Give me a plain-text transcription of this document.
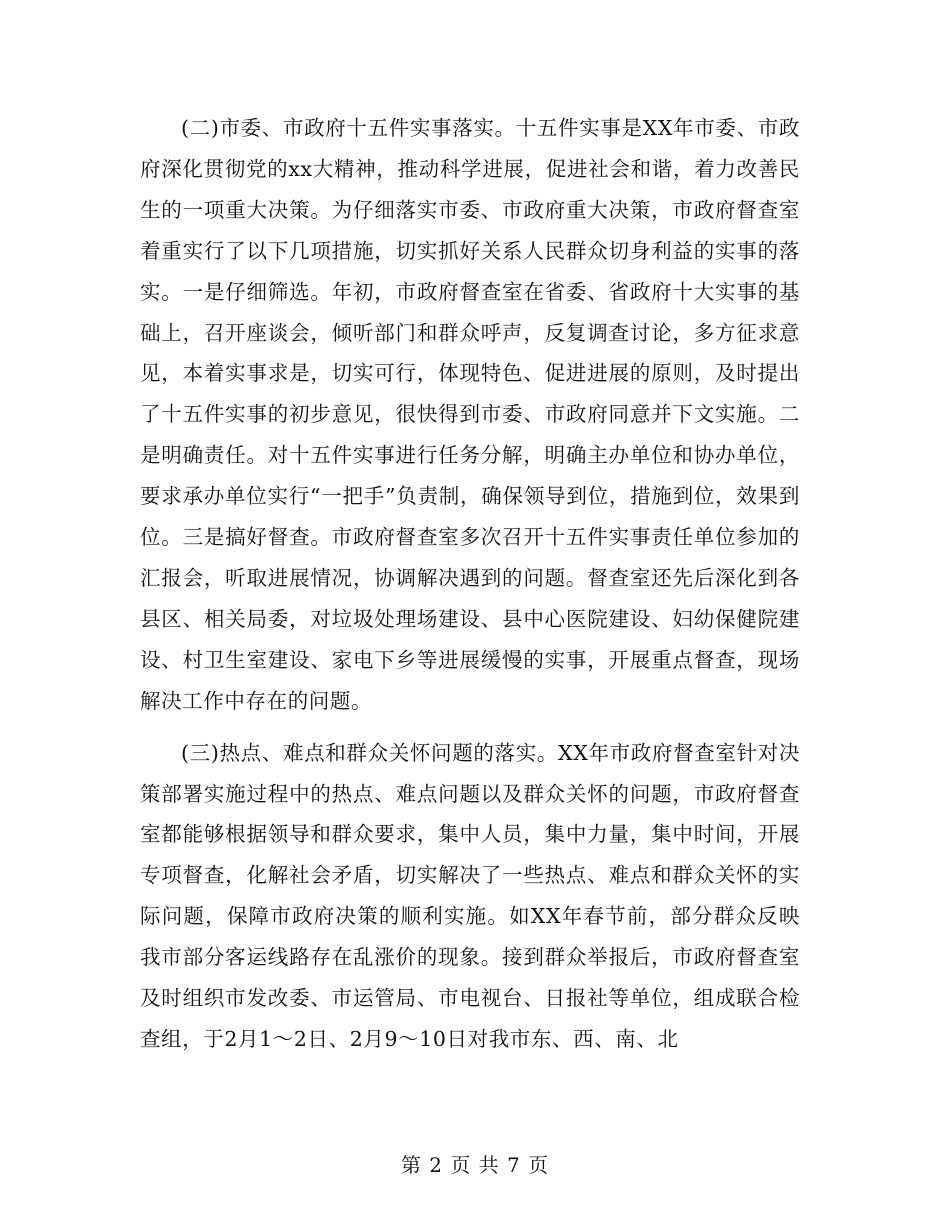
(二)市委、市政府十五件实事落实。十五件实事是XX年市委、市政府深化贯彻党的xx大精神，推动科学进展，促进社会和谐，着力改善民生的一项重大决策。为仔细落实市委、市政府重大决策，市政府督查室着重实行了以下几项措施，切实抓好关系人民群众切身利益的实事的落实。一是仔细筛选。年初，市政府督查室在省委、省政府十大实事的基础上，召开座谈会，倾听部门和群众呼声，反复调查讨论，多方征求意见，本着实事求是，切实可行，体现特色、促进进展的原则，及时提出了十五件实事的初步意见，很快得到市委、市政府同意并下文实施。二是明确责任。对十五件实事进行任务分解，明确主办单位和协办单位，要求承办单位实行“一把手”负责制，确保领导到位，措施到位，效果到位。三是搞好督查。市政府督查室多次召开十五件实事责任单位参加的汇报会，听取进展情况，协调解决遇到的问题。督查室还先后深化到各县区、相关局委，对垃圾处理场建设、县中心医院建设、妇幼保健院建设、村卫生室建设、家电下乡等进展缓慢的实事，开展重点督查，现场解决工作中存在的问题。

(三)热点、难点和群众关怀问题的落实。XX年市政府督查室针对决策部署实施过程中的热点、难点问题以及群众关怀的问题，市政府督查室都能够根据领导和群众要求，集中人员，集中力量，集中时间，开展专项督查，化解社会矛盾，切实解决了一些热点、难点和群众关怀的实际问题，保障市政府决策的顺利实施。如XX年春节前，部分群众反映我市部分客运线路存在乱涨价的现象。接到群众举报后，市政府督查室及时组织市发改委、市运管局、市电视台、日报社等单位，组成联合检查组，于2月1～2日、2月9～10日对我市东、西、南、北

第 2 页 共 7 页
